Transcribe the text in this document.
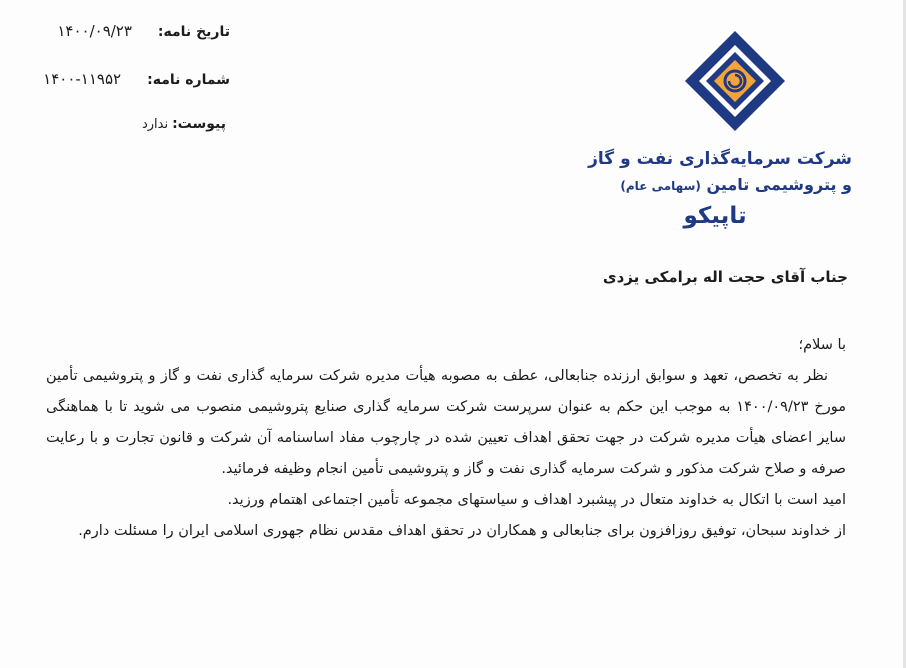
تاریخ نامه:
۱۴۰۰/۰۹/۲۳
شماره نامه:
۱۴۰۰-۱۱۹۵۲
پیوست:
ندارد
شرکت سرمایه‌گذاری نفت و گاز
و پتروشیمی تامین (سهامی عام)
تاپیکو
جناب آقای حجت اله برامکی یزدی

با سلام؛

نظر به تخصص، تعهد و سوابق ارزنده جنابعالی، عطف به مصوبه هیأت مدیره شرکت سرمایه گذاری نفت و گاز و پتروشیمی تأمین مورخ ۱۴۰۰/۰۹/۲۳ به موجب این حکم به عنوان سرپرست شرکت سرمایه گذاری صنایع پتروشیمی منصوب می شوید تا با هماهنگی سایر اعضای هیأت مدیره شرکت در جهت تحقق اهداف تعیین شده در چارچوب مفاد اساسنامه آن شرکت و قانون تجارت و با رعایت صرفه و صلاح شرکت مذکور و شرکت سرمایه گذاری نفت و گاز و پتروشیمی تأمین انجام وظیفه فرمائید.

امید است با اتکال به خداوند متعال در پیشبرد اهداف و سیاستهای مجموعه تأمین اجتماعی اهتمام ورزید.

از خداوند سبحان، توفیق روزافزون برای جنابعالی و همکاران در تحقق اهداف مقدس نظام جهوری اسلامی ایران را مسئلت دارم.
